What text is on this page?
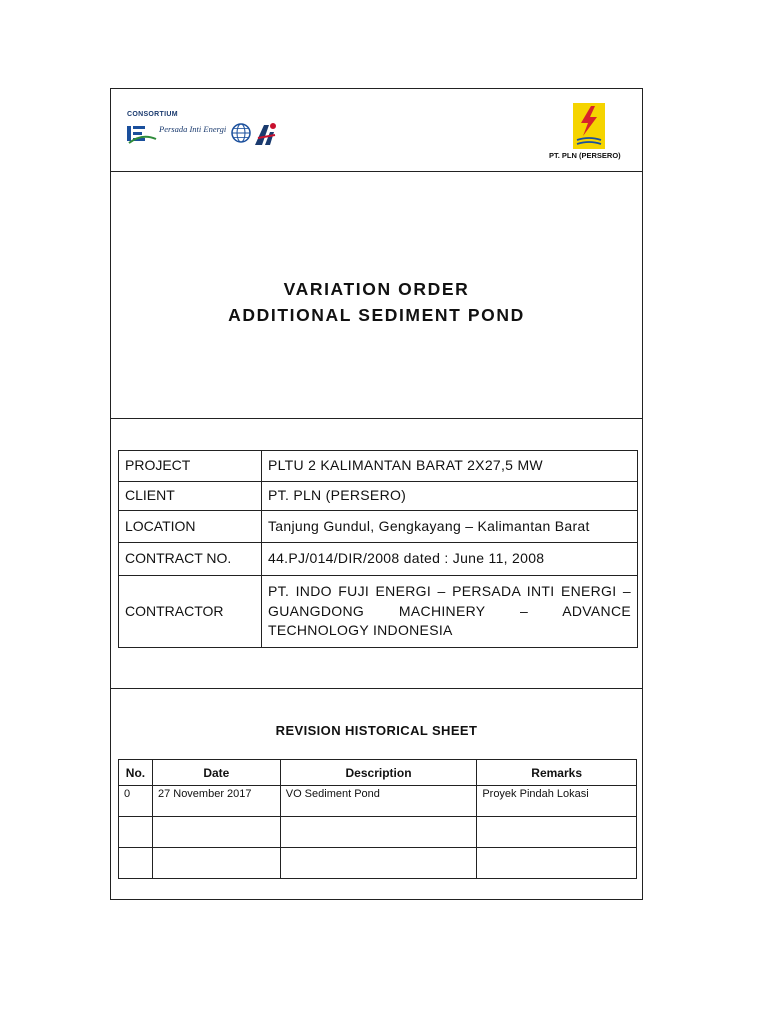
CONSORTIUM
Persada Inti Energi
PT. PLN (PERSERO)
VARIATION ORDER
ADDITIONAL SEDIMENT POND
PROJECT	PLTU 2 KALIMANTAN BARAT 2X27,5 MW
CLIENT	PT. PLN (PERSERO)
LOCATION	Tanjung Gundul, Gengkayang – Kalimantan Barat
CONTRACT NO.	44.PJ/014/DIR/2008 dated : June 11, 2008
CONTRACTOR	PT. INDO FUJI ENERGI – PERSADA INTI ENERGI – GUANGDONG MACHINERY – ADVANCE TECHNOLOGY INDONESIA
REVISION HISTORICAL SHEET
No.	Date	Description	Remarks
0	27 November 2017	VO Sediment Pond	Proyek Pindah Lokasi
